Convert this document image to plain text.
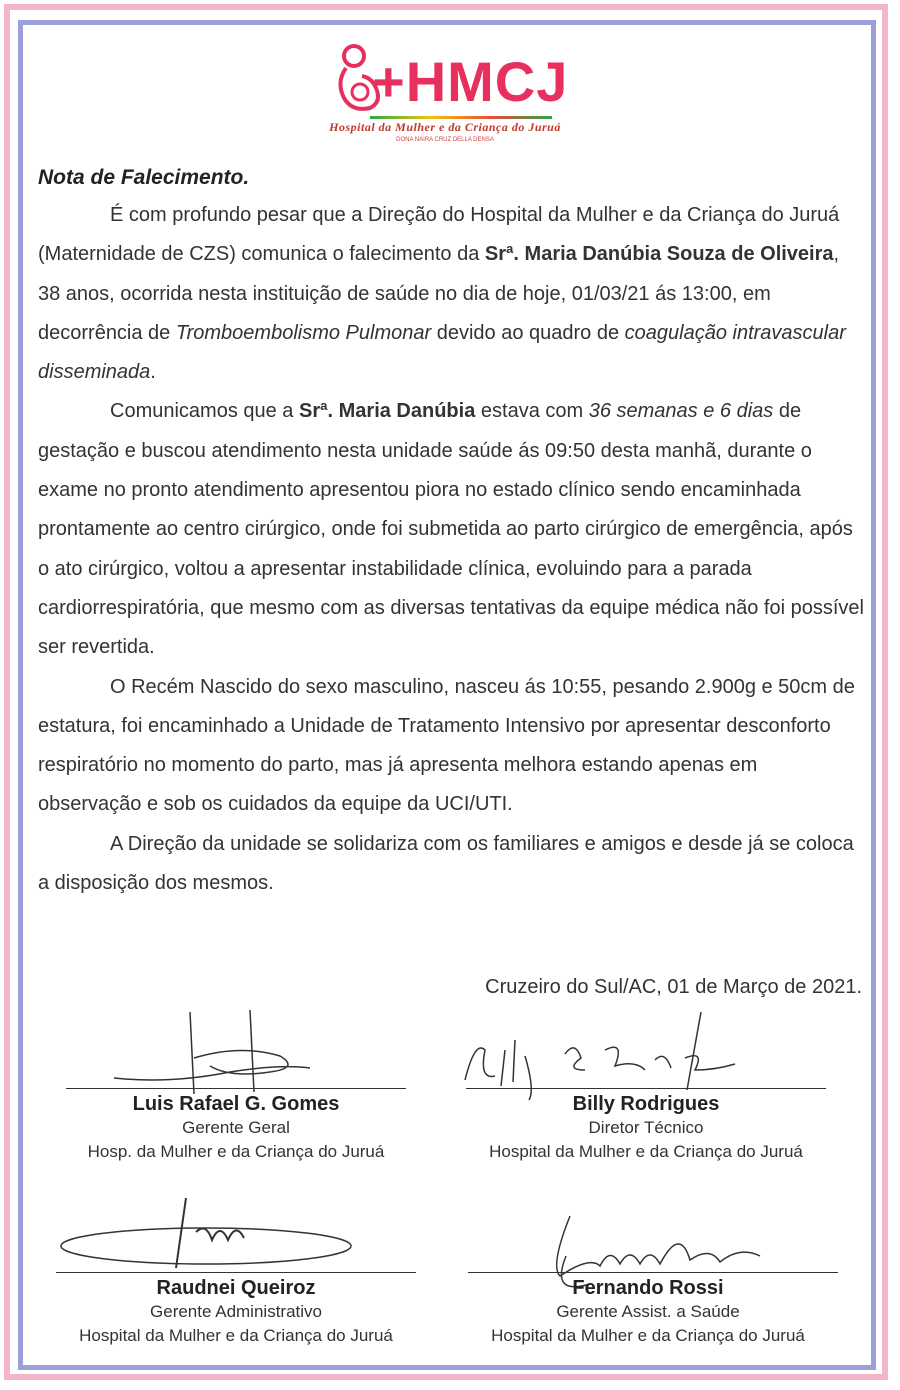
+HMCJ
Hospital da Mulher e da Criança do Juruá
DONA NAIRA CRUZ DELLA DENSA
Nota de Falecimento.

É com profundo pesar que a Direção do Hospital da Mulher e da Criança do Juruá (Maternidade de CZS) comunica o falecimento da Srª. Maria Danúbia Souza de Oliveira, 38 anos, ocorrida nesta instituição de saúde no dia de hoje, 01/03/21 ás 13:00, em decorrência de Tromboembolismo Pulmonar devido ao quadro de coagulação intravascular disseminada.

Comunicamos que a Srª. Maria Danúbia estava com 36 semanas e 6 dias de gestação e buscou atendimento nesta unidade saúde ás 09:50 desta manhã, durante o exame no pronto atendimento apresentou piora no estado clínico sendo encaminhada prontamente ao centro cirúrgico, onde foi submetida ao parto cirúrgico de emergência, após o ato cirúrgico, voltou a apresentar instabilidade clínica, evoluindo para a parada cardiorrespiratória, que mesmo com as diversas tentativas da equipe médica não foi possível ser revertida.

O Recém Nascido do sexo masculino, nasceu ás 10:55, pesando 2.900g e 50cm de estatura, foi encaminhado a Unidade de Tratamento Intensivo por apresentar desconforto respiratório no momento do parto, mas já apresenta melhora estando apenas em observação e sob os cuidados da equipe da UCI/UTI.

A Direção da unidade se solidariza com os familiares e amigos e desde já se coloca a disposição dos mesmos.

Cruzeiro do Sul/AC, 01 de Março de 2021.
Luis Rafael G. Gomes
Gerente Geral
Hosp. da Mulher e da Criança do Juruá
Billy Rodrigues
Diretor Técnico
Hospital da Mulher e da Criança do Juruá
Raudnei Queiroz
Gerente Administrativo
Hospital da Mulher e da Criança do Juruá
Fernando Rossi
Gerente Assist. a Saúde
Hospital da Mulher e da Criança do Juruá
